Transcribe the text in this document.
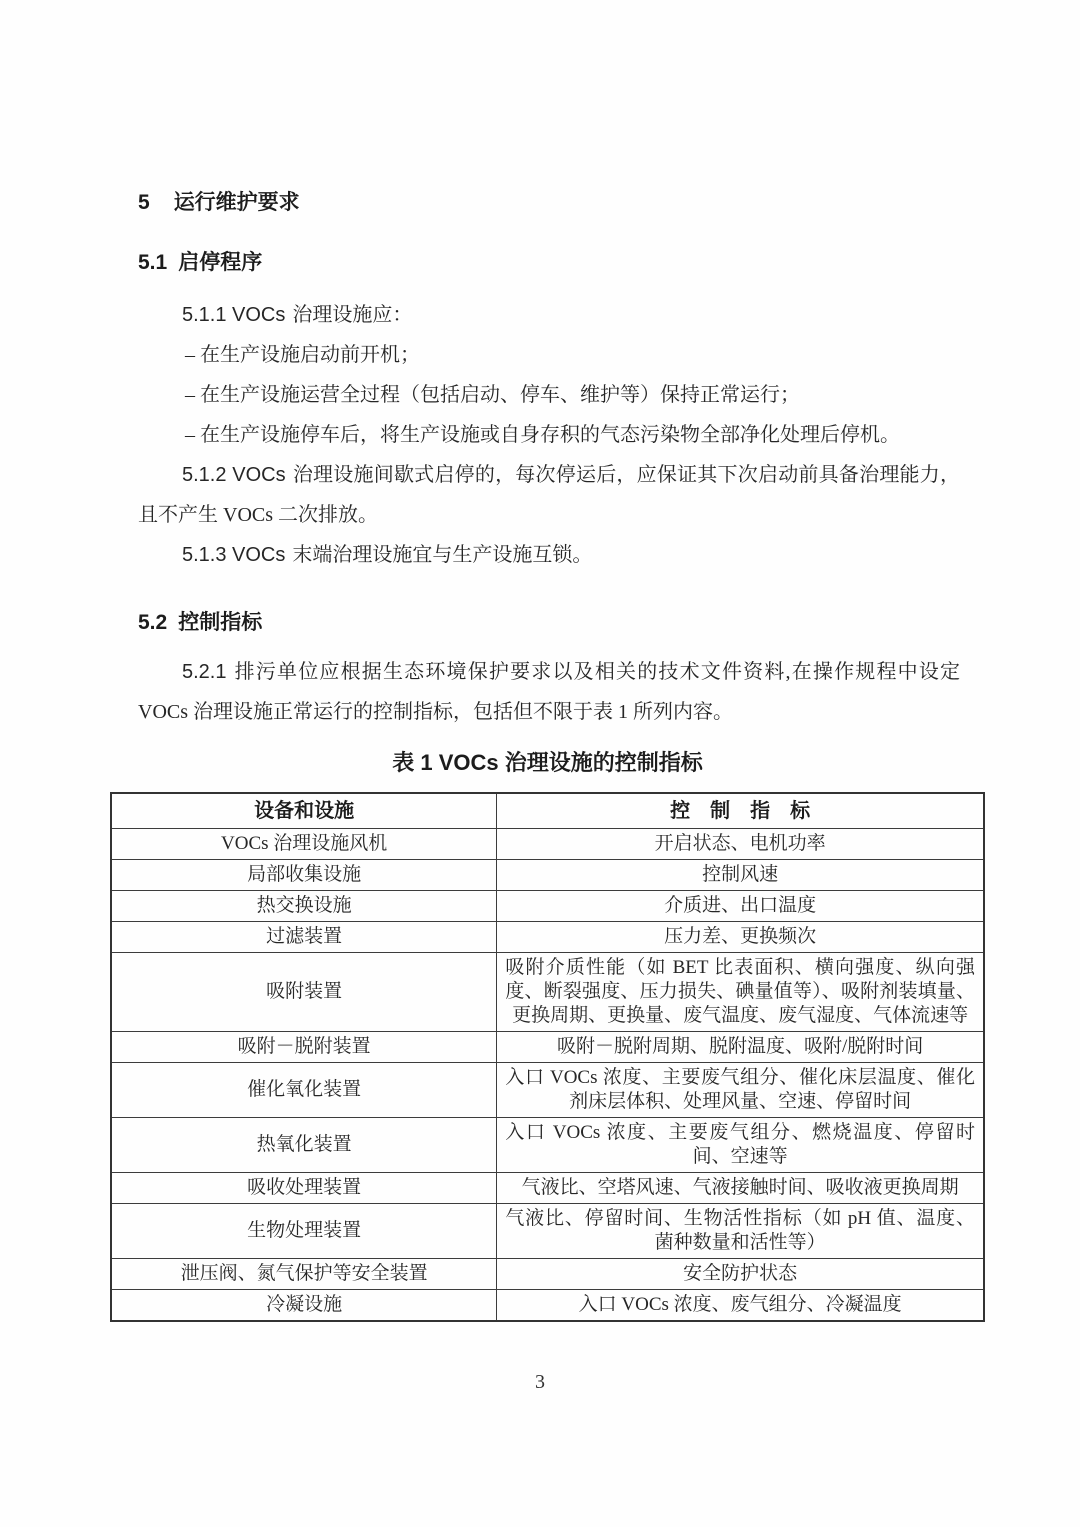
5 运行维护要求

5.1 启停程序

5.1.1 VOCs 治理设施应：

– 在生产设施启动前开机；

– 在生产设施运营全过程（包括启动、停车、维护等）保持正常运行；

– 在生产设施停车后，将生产设施或自身存积的气态污染物全部净化处理后停机。

5.1.2 VOCs 治理设施间歇式启停的，每次停运后，应保证其下次启动前具备治理能力，且不产生 VOCs 二次排放。

5.1.3 VOCs 末端治理设施宜与生产设施互锁。

5.2 控制指标

5.2.1 排污单位应根据生态环境保护要求以及相关的技术文件资料,在操作规程中设定 VOCs 治理设施正常运行的控制指标，包括但不限于表 1 所列内容。

表 1 VOCs 治理设施的控制指标
设备和设施	控　制　指　标
VOCs 治理设施风机	开启状态、电机功率
局部收集设施	控制风速
热交换设施	介质进、出口温度
过滤装置	压力差、更换频次
吸附装置	吸附介质性能（如 BET 比表面积、横向强度、纵向强度、断裂强度、压力损失、碘量值等）、吸附剂装填量、更换周期、更换量、废气温度、废气湿度、气体流速等
吸附－脱附装置	吸附－脱附周期、脱附温度、吸附/脱附时间
催化氧化装置	入口 VOCs 浓度、主要废气组分、催化床层温度、催化剂床层体积、处理风量、空速、停留时间
热氧化装置	入口 VOCs 浓度、主要废气组分、燃烧温度、停留时间、空速等
吸收处理装置	气液比、空塔风速、气液接触时间、吸收液更换周期
生物处理装置	气液比、停留时间、生物活性指标（如 pH 值、温度、菌种数量和活性等）
泄压阀、氮气保护等安全装置	安全防护状态
冷凝设施	入口 VOCs 浓度、废气组分、冷凝温度
3
